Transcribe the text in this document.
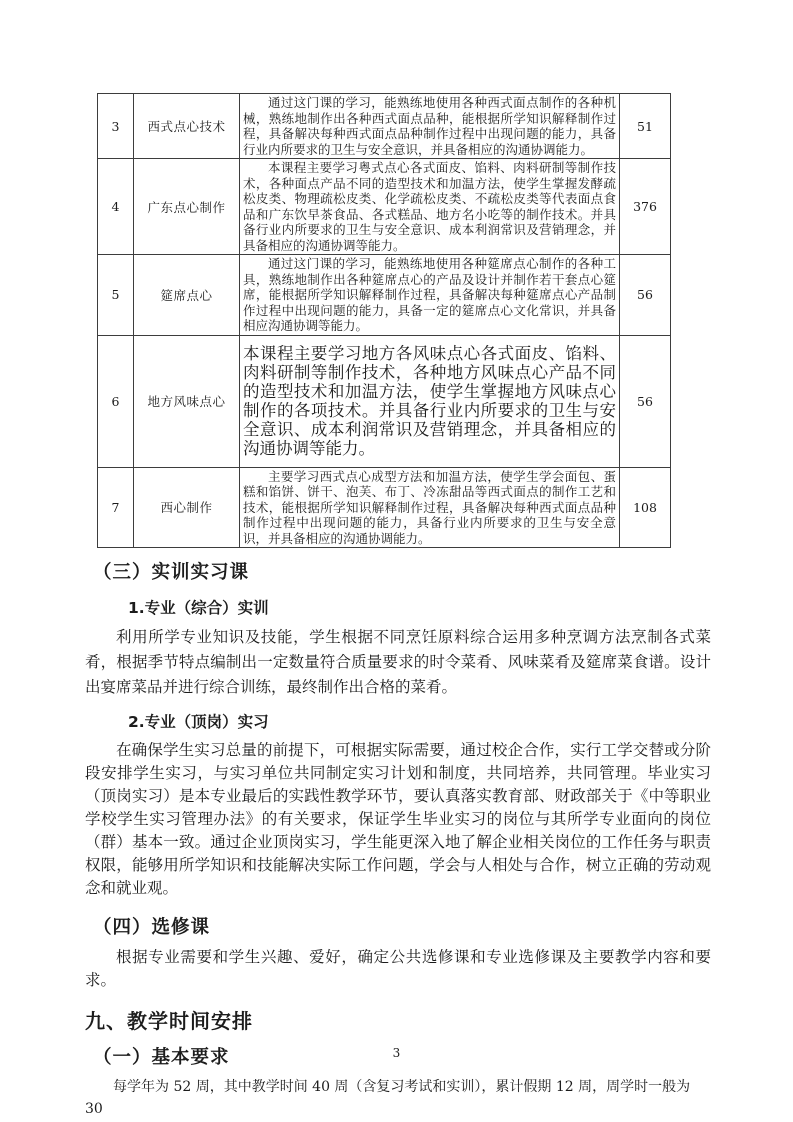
3	西式点心技术	通过这门课的学习，能熟练地使用各种西式面点制作的各种机械，熟练地制作出各种西式面点品种，能根据所学知识解释制作过程，具备解决每种西式面点品种制作过程中出现问题的能力，具备行业内所要求的卫生与安全意识，并具备相应的沟通协调能力。	51
4	广东点心制作	本课程主要学习粤式点心各式面皮、馅料、肉料研制等制作技术，各种面点产品不同的造型技术和加温方法，使学生掌握发酵疏松皮类、物理疏松皮类、化学疏松皮类、不疏松皮类等代表面点食品和广东饮早茶食品、各式糕品、地方名小吃等的制作技术。并具备行业内所要求的卫生与安全意识、成本利润常识及营销理念，并具备相应的沟通协调等能力。	376
5	筵席点心	通过这门课的学习，能熟练地使用各种筵席点心制作的各种工具，熟练地制作出各种筵席点心的产品及设计并制作若干套点心筵席，能根据所学知识解释制作过程，具备解决每种筵席点心产品制作过程中出现问题的能力，具备一定的筵席点心文化常识，并具备相应沟通协调等能力。	56
6	地方风味点心	本课程主要学习地方各风味点心各式面皮、馅料、肉料研制等制作技术，各种地方风味点心产品不同的造型技术和加温方法，使学生掌握地方风味点心制作的各项技术。并具备行业内所要求的卫生与安全意识、成本利润常识及营销理念，并具备相应的沟通协调等能力。	56
7	西心制作	主要学习西式点心成型方法和加温方法，使学生学会面包、蛋糕和馅饼、饼干、泡芙、布丁、冷冻甜品等西式面点的制作工艺和技术，能根据所学知识解释制作过程，具备解决每种西式面点品种制作过程中出现问题的能力，具备行业内所要求的卫生与安全意识，并具备相应的沟通协调能力。	108
（三）实训实习课
1.专业（综合）实训

利用所学专业知识及技能，学生根据不同烹饪原料综合运用多种烹调方法烹制各式菜肴，根据季节特点编制出一定数量符合质量要求的时令菜肴、风味菜肴及筵席菜食谱。设计出宴席菜品并进行综合训练，最终制作出合格的菜肴。

2.专业（顶岗）实习

在确保学生实习总量的前提下，可根据实际需要，通过校企合作，实行工学交替或分阶段安排学生实习，与实习单位共同制定实习计划和制度，共同培养，共同管理。毕业实习（顶岗实习）是本专业最后的实践性教学环节，要认真落实教育部、财政部关于《中等职业学校学生实习管理办法》的有关要求，保证学生毕业实习的岗位与其所学专业面向的岗位（群）基本一致。通过企业顶岗实习，学生能更深入地了解企业相关岗位的工作任务与职责权限，能够用所学知识和技能解决实际工作问题，学会与人相处与合作，树立正确的劳动观念和就业观。

（四）选修课

根据专业需要和学生兴趣、爱好，确定公共选修课和专业选修课及主要教学内容和要求。

九、教学时间安排
（一）基本要求

每学年为 52 周，其中教学时间 40 周（含复习考试和实训），累计假期 12 周，周学时一般为 30

3
